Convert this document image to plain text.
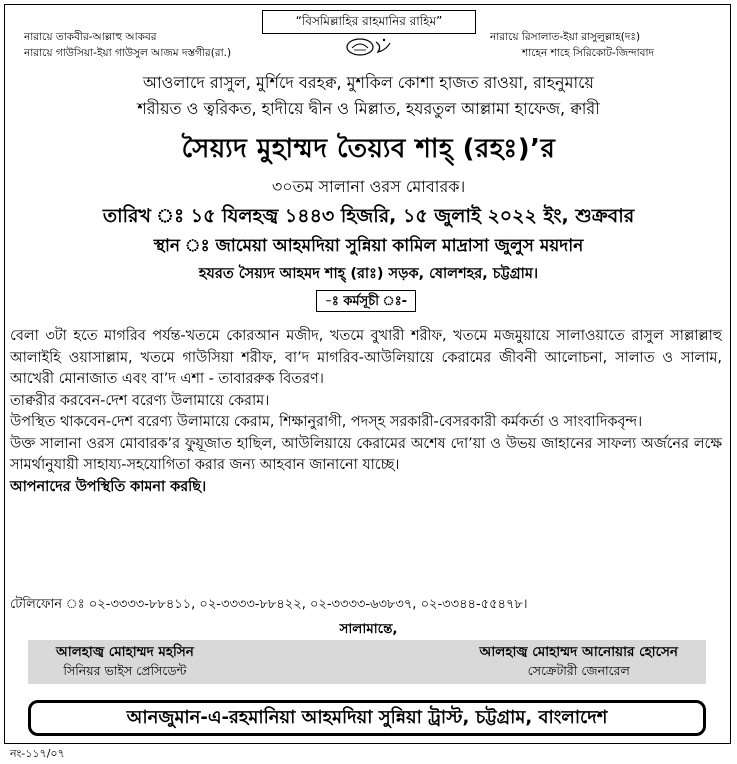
“বিসমিল্লাহির রাহমানির রাহিম”
নারায়ে তাকবীর-আল্লাহু আকবর
নারায়ে গাউসিয়া-ইয়া গাউসুল আজম দস্তগীর(রা.)
নারায়ে রিসালাত-ইয়া রাসুলুল্লাহ(দঃ)
শাহেন শাহে সিরিকোট-জিন্দাবাদ
আওলাদে রাসুল, মুর্শিদে বরহক্ব, মুশকিল কোশা হাজত রাওয়া, রাহনুমায়ে
শরীয়ত ও ত্বরিকত, হাদীয়ে দ্বীন ও মিল্লাত, হযরতুল আল্লামা হাফেজ, ক্বারী
সৈয়্যদ মুহাম্মদ তৈয়্যব শাহ্ (রহঃ)’র
৩০তম সালানা ওরস মোবারক।
তারিখ ঃ ১৫ যিলহজ্ব ১৪৪৩ হিজরি, ১৫ জুলাই ২০২২ ইং, শুক্রবার
স্থান ঃ জামেয়া আহমদিয়া সুন্নিয়া কামিল মাদ্রাসা জুলুস ময়দান
হযরত সৈয়্যদ আহমদ শাহ্ (রাঃ) সড়ক, ষোলশহর, চট্টগ্রাম।
-ঃ কর্মসূচী ঃ-

বেলা ৩টা হতে মাগরিব পর্যন্ত-খতমে কোরআন মজীদ, খতমে বুখারী শরীফ, খতমে মজমুয়ায়ে সালাওয়াতে রাসুল সাল্লাল্লাহু আলাইহি ওয়াসাল্লাম, খতমে গাউসিয়া শরীফ, বা’দ মাগরিব-আউলিয়ায়ে কেরামের জীবনী আলোচনা, সালাত ও সালাম, আখেরী মোনাজাত এবং বা’দ এশা - তাবাররুক বিতরণ।

তাক্বরীর করবেন-দেশ বরেণ্য উলামায়ে কেরাম।

উপস্থিত থাকবেন-দেশ বরেণ্য উলামায়ে কেরাম, শিক্ষানুরাগী, পদস্হ সরকারী-বেসরকারী কর্মকর্তা ও সাংবাদিকবৃন্দ।

উক্ত সালানা ওরস মোবারক’র ফুয়ূজাত হাছিল, আউলিয়ায়ে কেরামের অশেষ দো’য়া ও উভয় জাহানের সাফল্য অর্জনের লক্ষে সামর্থানুযায়ী সাহায্য-সহযোগিতা করার জন্য আহবান জানানো যাচ্ছে।

আপনাদের উপস্থিতি কামনা করছি।

টেলিফোন ঃ ০২-৩৩৩৩-৮৮৪১১, ০২-৩৩৩৩-৮৮৪২২, ০২-৩৩৩৩-৬৩৮৩৭, ০২-৩৩৪৪-৫৫৪৭৮।
সালামান্তে,
আলহাজ্ব মোহাম্মদ মহসিন
সিনিয়র ভাইস প্রেসিডেন্ট
আলহাজ্ব মোহাম্মদ আনোয়ার হোসেন
সেক্রেটারী জেনারেল
আনজুমান-এ-রহমানিয়া আহমদিয়া সুন্নিয়া ট্রাস্ট, চট্টগ্রাম, বাংলাদেশ
নং-১১৭/০৭
